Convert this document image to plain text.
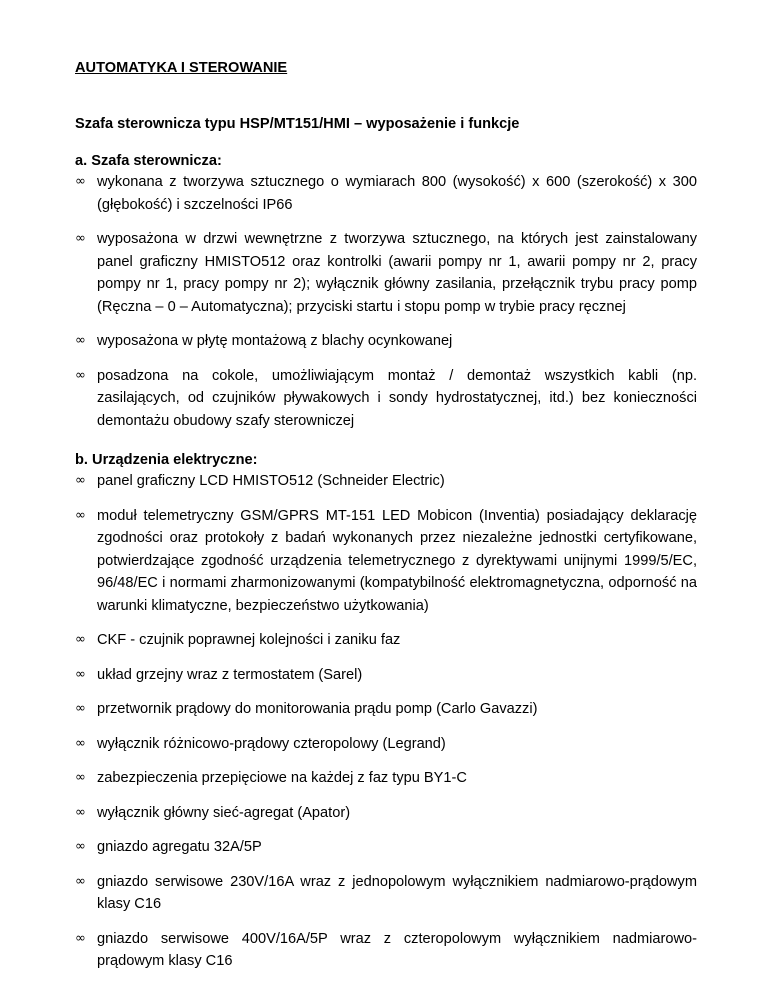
AUTOMATYKA I STEROWANIE
Szafa sterownicza typu HSP/MT151/HMI – wyposażenie i funkcje
a. Szafa sterownicza:
∞ wykonana z tworzywa sztucznego o wymiarach 800 (wysokość) x 600 (szerokość) x 300 (głębokość) i szczelności IP66
∞ wyposażona w drzwi wewnętrzne z tworzywa sztucznego, na których jest zainstalowany panel graficzny HMISTO512 oraz kontrolki (awarii pompy nr 1, awarii pompy nr 2, pracy pompy nr 1, pracy pompy nr 2); wyłącznik główny zasilania, przełącznik trybu pracy pomp (Ręczna – 0 – Automatyczna); przyciski startu i stopu pomp w trybie pracy ręcznej
∞ wyposażona w płytę montażową z blachy ocynkowanej
∞ posadzona na cokole, umożliwiającym montaż / demontaż wszystkich kabli (np. zasilających, od czujników pływakowych i sondy hydrostatycznej, itd.) bez konieczności demontażu obudowy szafy sterowniczej
b. Urządzenia elektryczne:
∞ panel graficzny LCD HMISTO512 (Schneider Electric)
∞ moduł telemetryczny GSM/GPRS MT-151 LED Mobicon (Inventia) posiadający deklarację zgodności oraz protokoły z badań wykonanych przez niezależne jednostki certyfikowane, potwierdzające zgodność urządzenia telemetrycznego z dyrektywami unijnymi 1999/5/EC, 96/48/EC i normami zharmonizowanymi (kompatybilność elektromagnetyczna, odporność na warunki klimatyczne, bezpieczeństwo użytkowania)
∞ CKF - czujnik poprawnej kolejności i zaniku faz
∞ układ grzejny wraz z termostatem (Sarel)
∞ przetwornik prądowy do monitorowania prądu pomp (Carlo Gavazzi)
∞ wyłącznik różnicowo-prądowy czteropolowy (Legrand)
∞ zabezpieczenia przepięciowe na każdej z faz typu BY1-C
∞ wyłącznik główny sieć-agregat (Apator)
∞ gniazdo agregatu 32A/5P
∞ gniazdo serwisowe 230V/16A wraz z jednopolowym wyłącznikiem nadmiarowo-prądowym klasy C16
∞ gniazdo serwisowe 400V/16A/5P wraz z czteropolowym wyłącznikiem nadmiarowo-prądowym klasy C16
